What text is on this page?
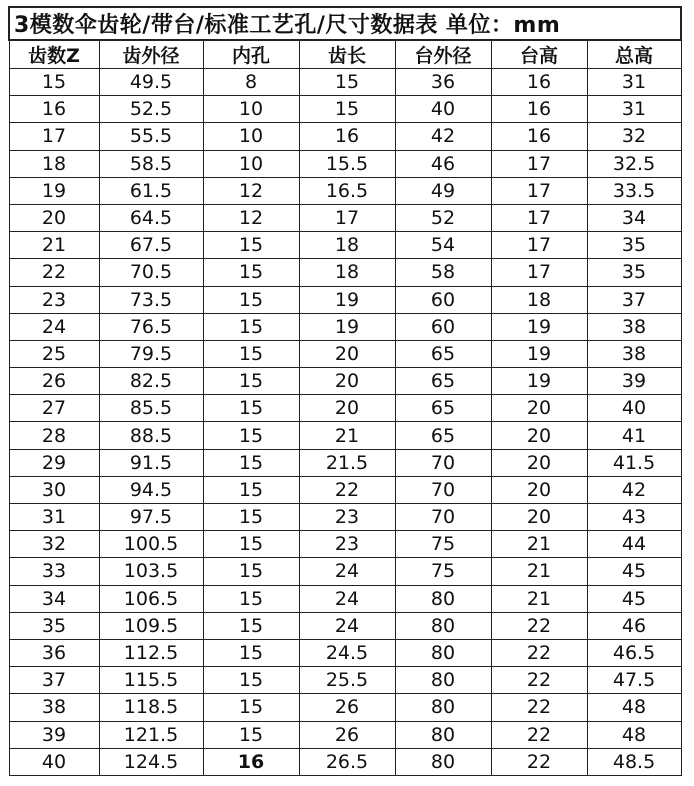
3模数伞齿轮/带台/标准工艺孔/尺寸数据表 单位：mm						
齿数Z	齿外径	内孔	齿长	台外径	台高	总高
15	49.5	8	15	36	16	31
16	52.5	10	15	40	16	31
17	55.5	10	16	42	16	32
18	58.5	10	15.5	46	17	32.5
19	61.5	12	16.5	49	17	33.5
20	64.5	12	17	52	17	34
21	67.5	15	18	54	17	35
22	70.5	15	18	58	17	35
23	73.5	15	19	60	18	37
24	76.5	15	19	60	19	38
25	79.5	15	20	65	19	38
26	82.5	15	20	65	19	39
27	85.5	15	20	65	20	40
28	88.5	15	21	65	20	41
29	91.5	15	21.5	70	20	41.5
30	94.5	15	22	70	20	42
31	97.5	15	23	70	20	43
32	100.5	15	23	75	21	44
33	103.5	15	24	75	21	45
34	106.5	15	24	80	21	45
35	109.5	15	24	80	22	46
36	112.5	15	24.5	80	22	46.5
37	115.5	15	25.5	80	22	47.5
38	118.5	15	26	80	22	48
39	121.5	15	26	80	22	48
40	124.5	16	26.5	80	22	48.5
